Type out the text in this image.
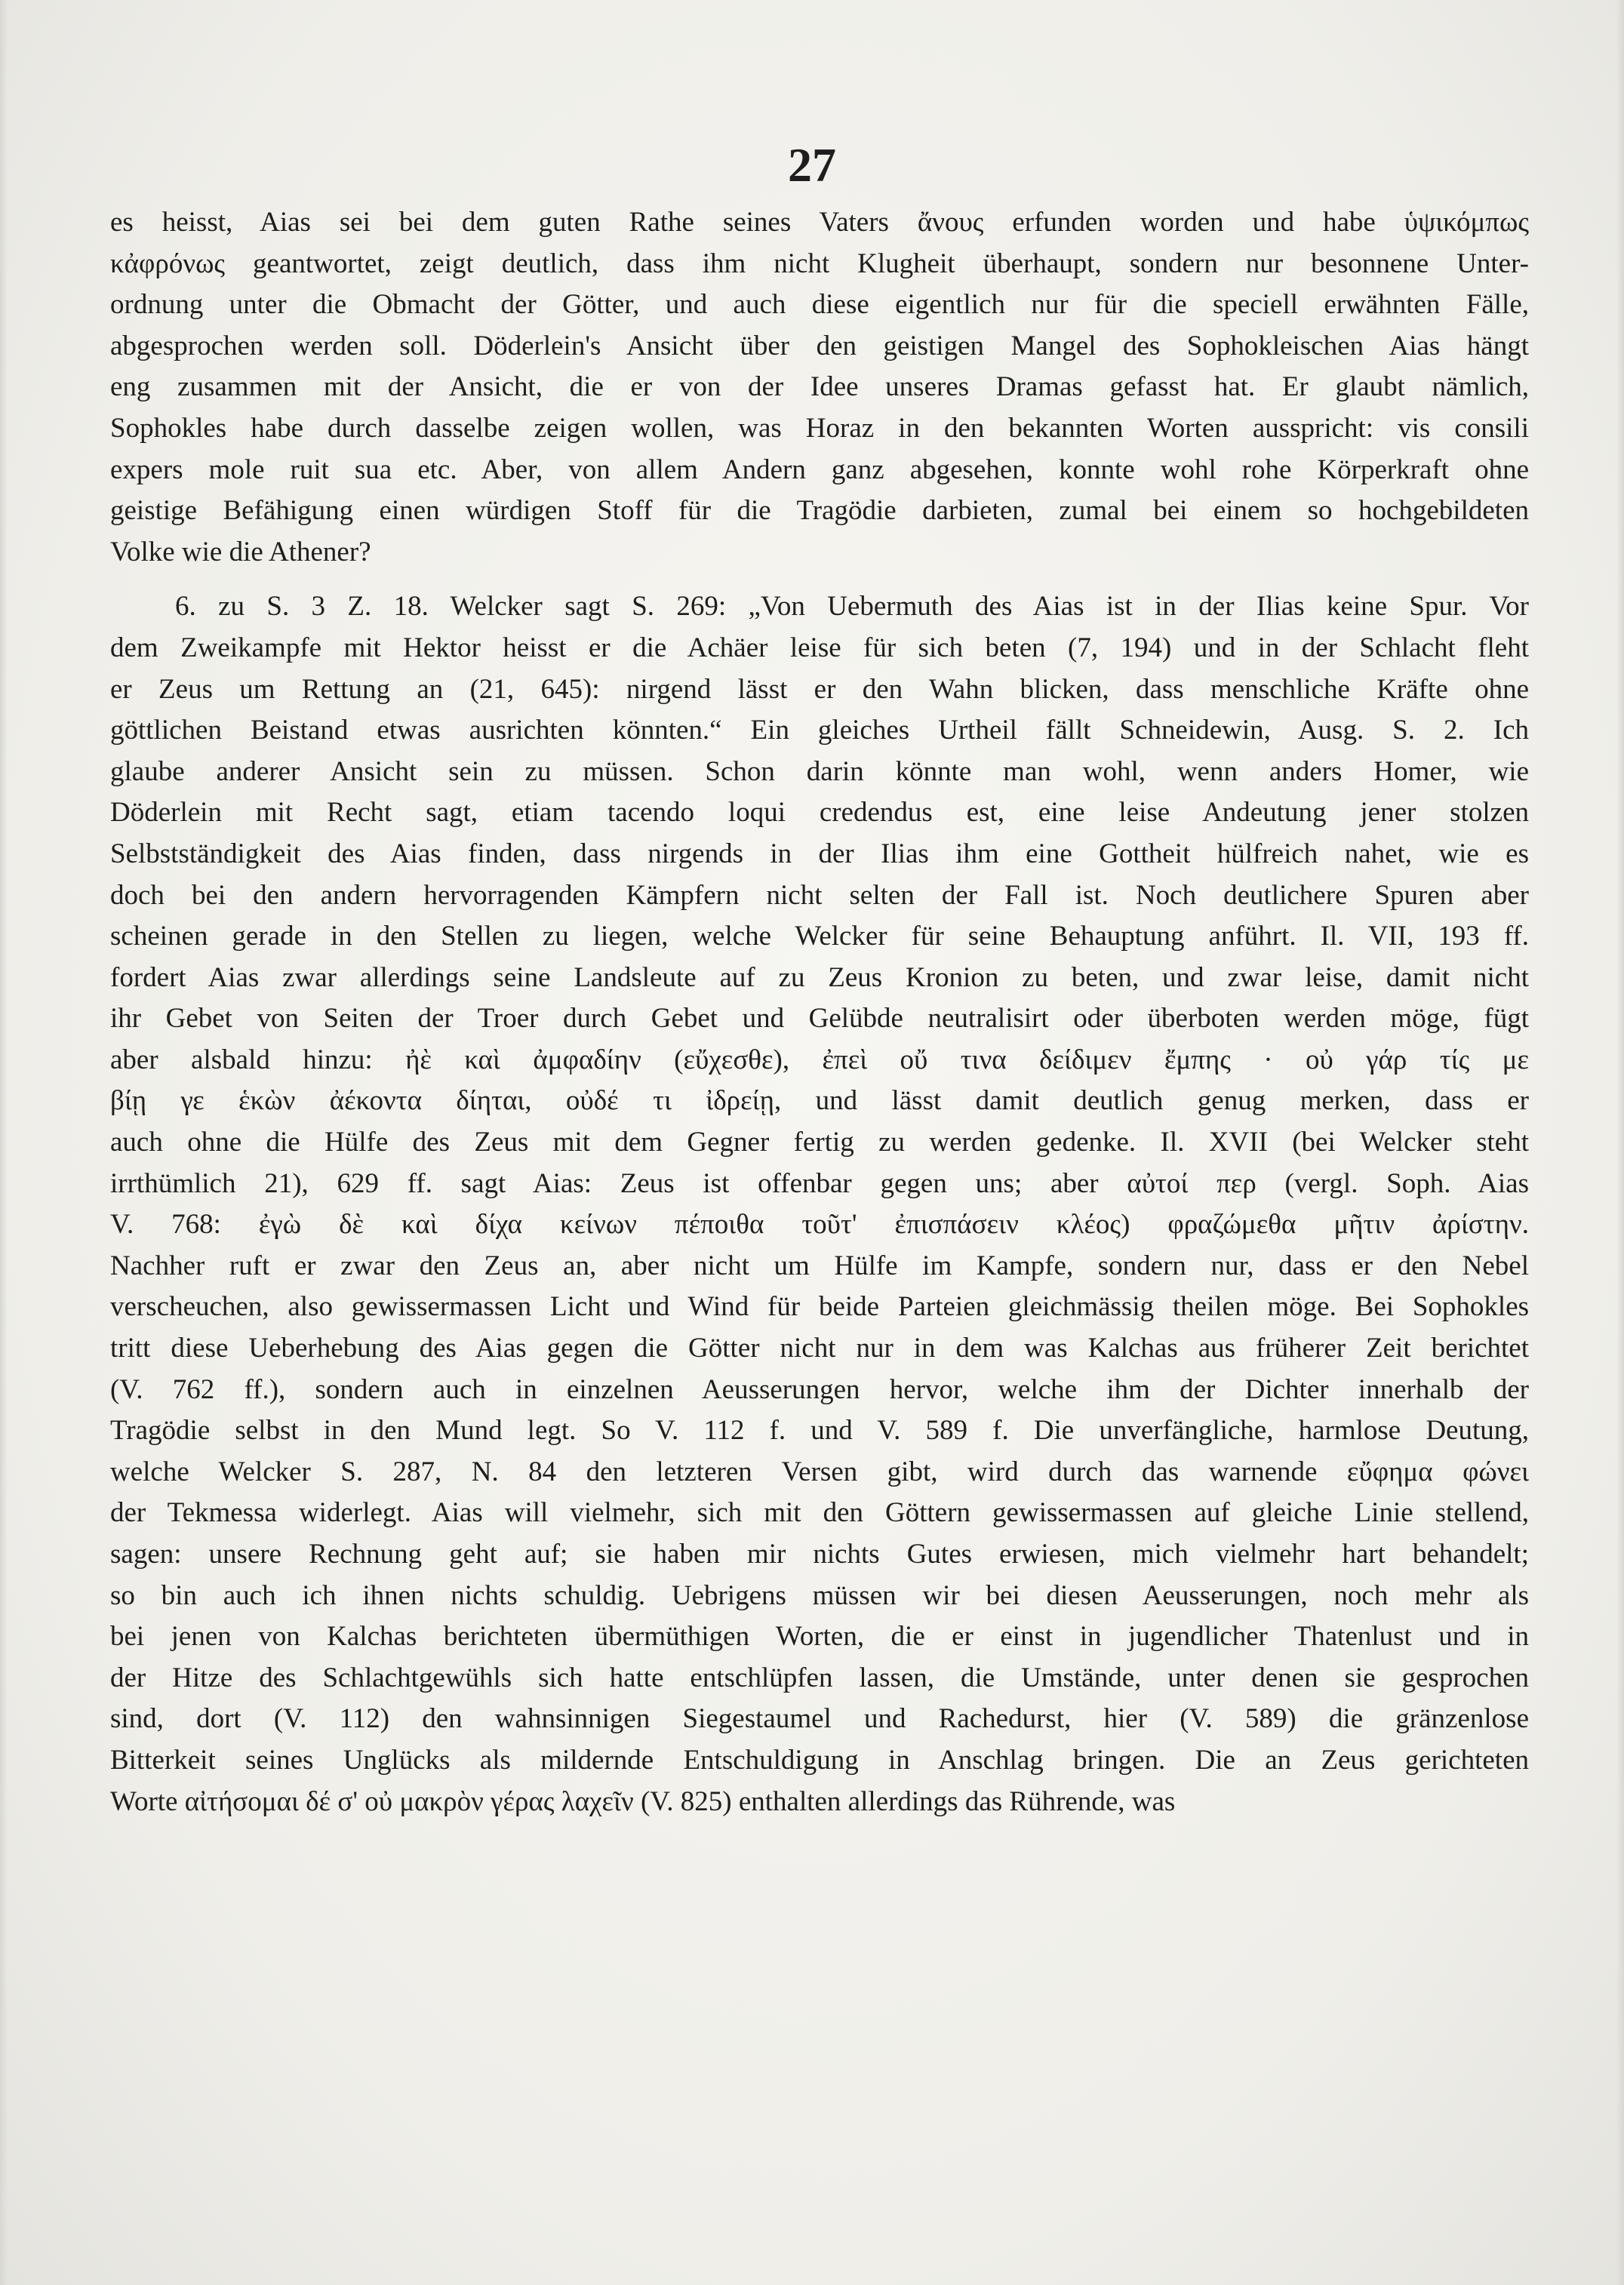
27
es heisst, Aias sei bei dem guten Rathe seines Vaters ἄνους erfunden worden und habe ὑψικόμπως
κἀφρόνως geantwortet, zeigt deutlich, dass ihm nicht Klugheit überhaupt, sondern nur besonnene Unter-
ordnung unter die Obmacht der Götter, und auch diese eigentlich nur für die speciell erwähnten Fälle,
abgesprochen werden soll. Döderlein's Ansicht über den geistigen Mangel des Sophokleischen Aias hängt
eng zusammen mit der Ansicht, die er von der Idee unseres Dramas gefasst hat. Er glaubt nämlich,
Sophokles habe durch dasselbe zeigen wollen, was Horaz in den bekannten Worten ausspricht: vis consili
expers mole ruit sua etc. Aber, von allem Andern ganz abgesehen, konnte wohl rohe Körperkraft ohne
geistige Befähigung einen würdigen Stoff für die Tragödie darbieten, zumal bei einem so hochgebildeten
Volke wie die Athener?
6. zu S. 3 Z. 18. Welcker sagt S. 269: „Von Uebermuth des Aias ist in der Ilias keine Spur. Vor
dem Zweikampfe mit Hektor heisst er die Achäer leise für sich beten (7, 194) und in der Schlacht fleht
er Zeus um Rettung an (21, 645): nirgend lässt er den Wahn blicken, dass menschliche Kräfte ohne
göttlichen Beistand etwas ausrichten könnten.“ Ein gleiches Urtheil fällt Schneidewin, Ausg. S. 2. Ich
glaube anderer Ansicht sein zu müssen. Schon darin könnte man wohl, wenn anders Homer, wie
Döderlein mit Recht sagt, etiam tacendo loqui credendus est, eine leise Andeutung jener stolzen
Selbstständigkeit des Aias finden, dass nirgends in der Ilias ihm eine Gottheit hülfreich nahet, wie es
doch bei den andern hervorragenden Kämpfern nicht selten der Fall ist. Noch deutlichere Spuren aber
scheinen gerade in den Stellen zu liegen, welche Welcker für seine Behauptung anführt. Il. VII, 193 ff.
fordert Aias zwar allerdings seine Landsleute auf zu Zeus Kronion zu beten, und zwar leise, damit nicht
ihr Gebet von Seiten der Troer durch Gebet und Gelübde neutralisirt oder überboten werden möge, fügt
aber alsbald hinzu: ἠὲ καὶ ἀμφαδίην (εὔχεσθε), ἐπεὶ οὔ τινα δείδιμεν ἔμπης · οὐ γάρ τίς με
βίῃ γε ἑκὼν ἀέκοντα δίηται, οὐδέ τι ἰδρείῃ, und lässt damit deutlich genug merken, dass er
auch ohne die Hülfe des Zeus mit dem Gegner fertig zu werden gedenke. Il. XVII (bei Welcker steht
irrthümlich 21), 629 ff. sagt Aias: Zeus ist offenbar gegen uns; aber αὐτοί περ (vergl. Soph. Aias
V. 768: ἐγὼ δὲ καὶ δίχα κείνων πέποιθα τοῦτ' ἐπισπάσειν κλέος) φραζώμεθα μῆτιν ἀρίστην.
Nachher ruft er zwar den Zeus an, aber nicht um Hülfe im Kampfe, sondern nur, dass er den Nebel
verscheuchen, also gewissermassen Licht und Wind für beide Parteien gleichmässig theilen möge. Bei Sophokles
tritt diese Ueberhebung des Aias gegen die Götter nicht nur in dem was Kalchas aus früherer Zeit berichtet
(V. 762 ff.), sondern auch in einzelnen Aeusserungen hervor, welche ihm der Dichter innerhalb der
Tragödie selbst in den Mund legt. So V. 112 f. und V. 589 f. Die unverfängliche, harmlose Deutung,
welche Welcker S. 287, N. 84 den letzteren Versen gibt, wird durch das warnende εὔφημα φώνει
der Tekmessa widerlegt. Aias will vielmehr, sich mit den Göttern gewissermassen auf gleiche Linie stellend,
sagen: unsere Rechnung geht auf; sie haben mir nichts Gutes erwiesen, mich vielmehr hart behandelt;
so bin auch ich ihnen nichts schuldig. Uebrigens müssen wir bei diesen Aeusserungen, noch mehr als
bei jenen von Kalchas berichteten übermüthigen Worten, die er einst in jugendlicher Thatenlust und in
der Hitze des Schlachtgewühls sich hatte entschlüpfen lassen, die Umstände, unter denen sie gesprochen
sind, dort (V. 112) den wahnsinnigen Siegestaumel und Rachedurst, hier (V. 589) die gränzenlose
Bitterkeit seines Unglücks als mildernde Entschuldigung in Anschlag bringen. Die an Zeus gerichteten
Worte αἰτήσομαι δέ σ' οὐ μακρὸν γέρας λαχεῖν (V. 825) enthalten allerdings das Rührende, was
